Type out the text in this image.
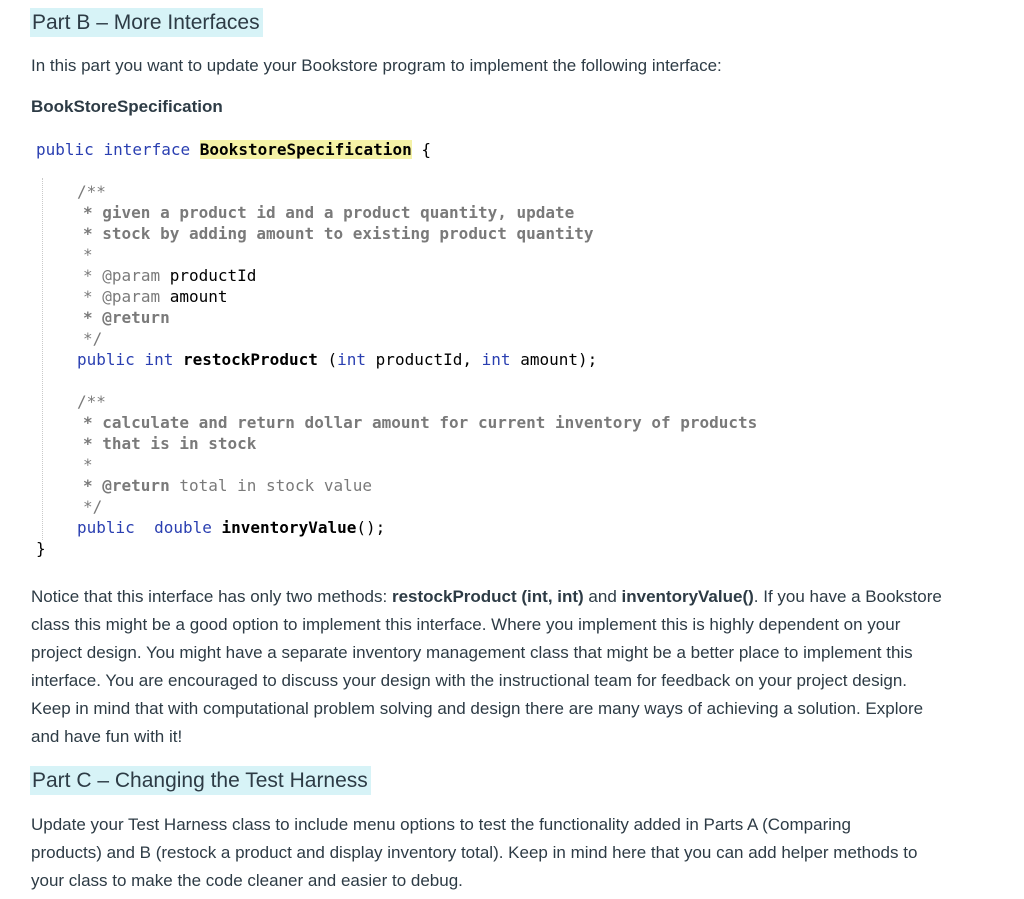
Part B – More Interfaces
In this part you want to update your Bookstore program to implement the following interface:
BookStoreSpecification
public interface BookstoreSpecification {
/**
* given a product id and a product quantity, update
* stock by adding amount to existing product quantity
*
* @param productId
* @param amount
* @return
*/
public int restockProduct (int productId, int amount);
/**
* calculate and return dollar amount for current inventory of products
* that is in stock
*
* @return total in stock value
*/
public double inventoryValue();
}
Notice that this interface has only two methods: restockProduct (int, int) and inventoryValue(). If you have a Bookstore
class this might be a good option to implement this interface. Where you implement this is highly dependent on your
project design. You might have a separate inventory management class that might be a better place to implement this
interface. You are encouraged to discuss your design with the instructional team for feedback on your project design.
Keep in mind that with computational problem solving and design there are many ways of achieving a solution. Explore
and have fun with it!
Part C – Changing the Test Harness
Update your Test Harness class to include menu options to test the functionality added in Parts A (Comparing
products) and B (restock a product and display inventory total). Keep in mind here that you can add helper methods to
your class to make the code cleaner and easier to debug.
